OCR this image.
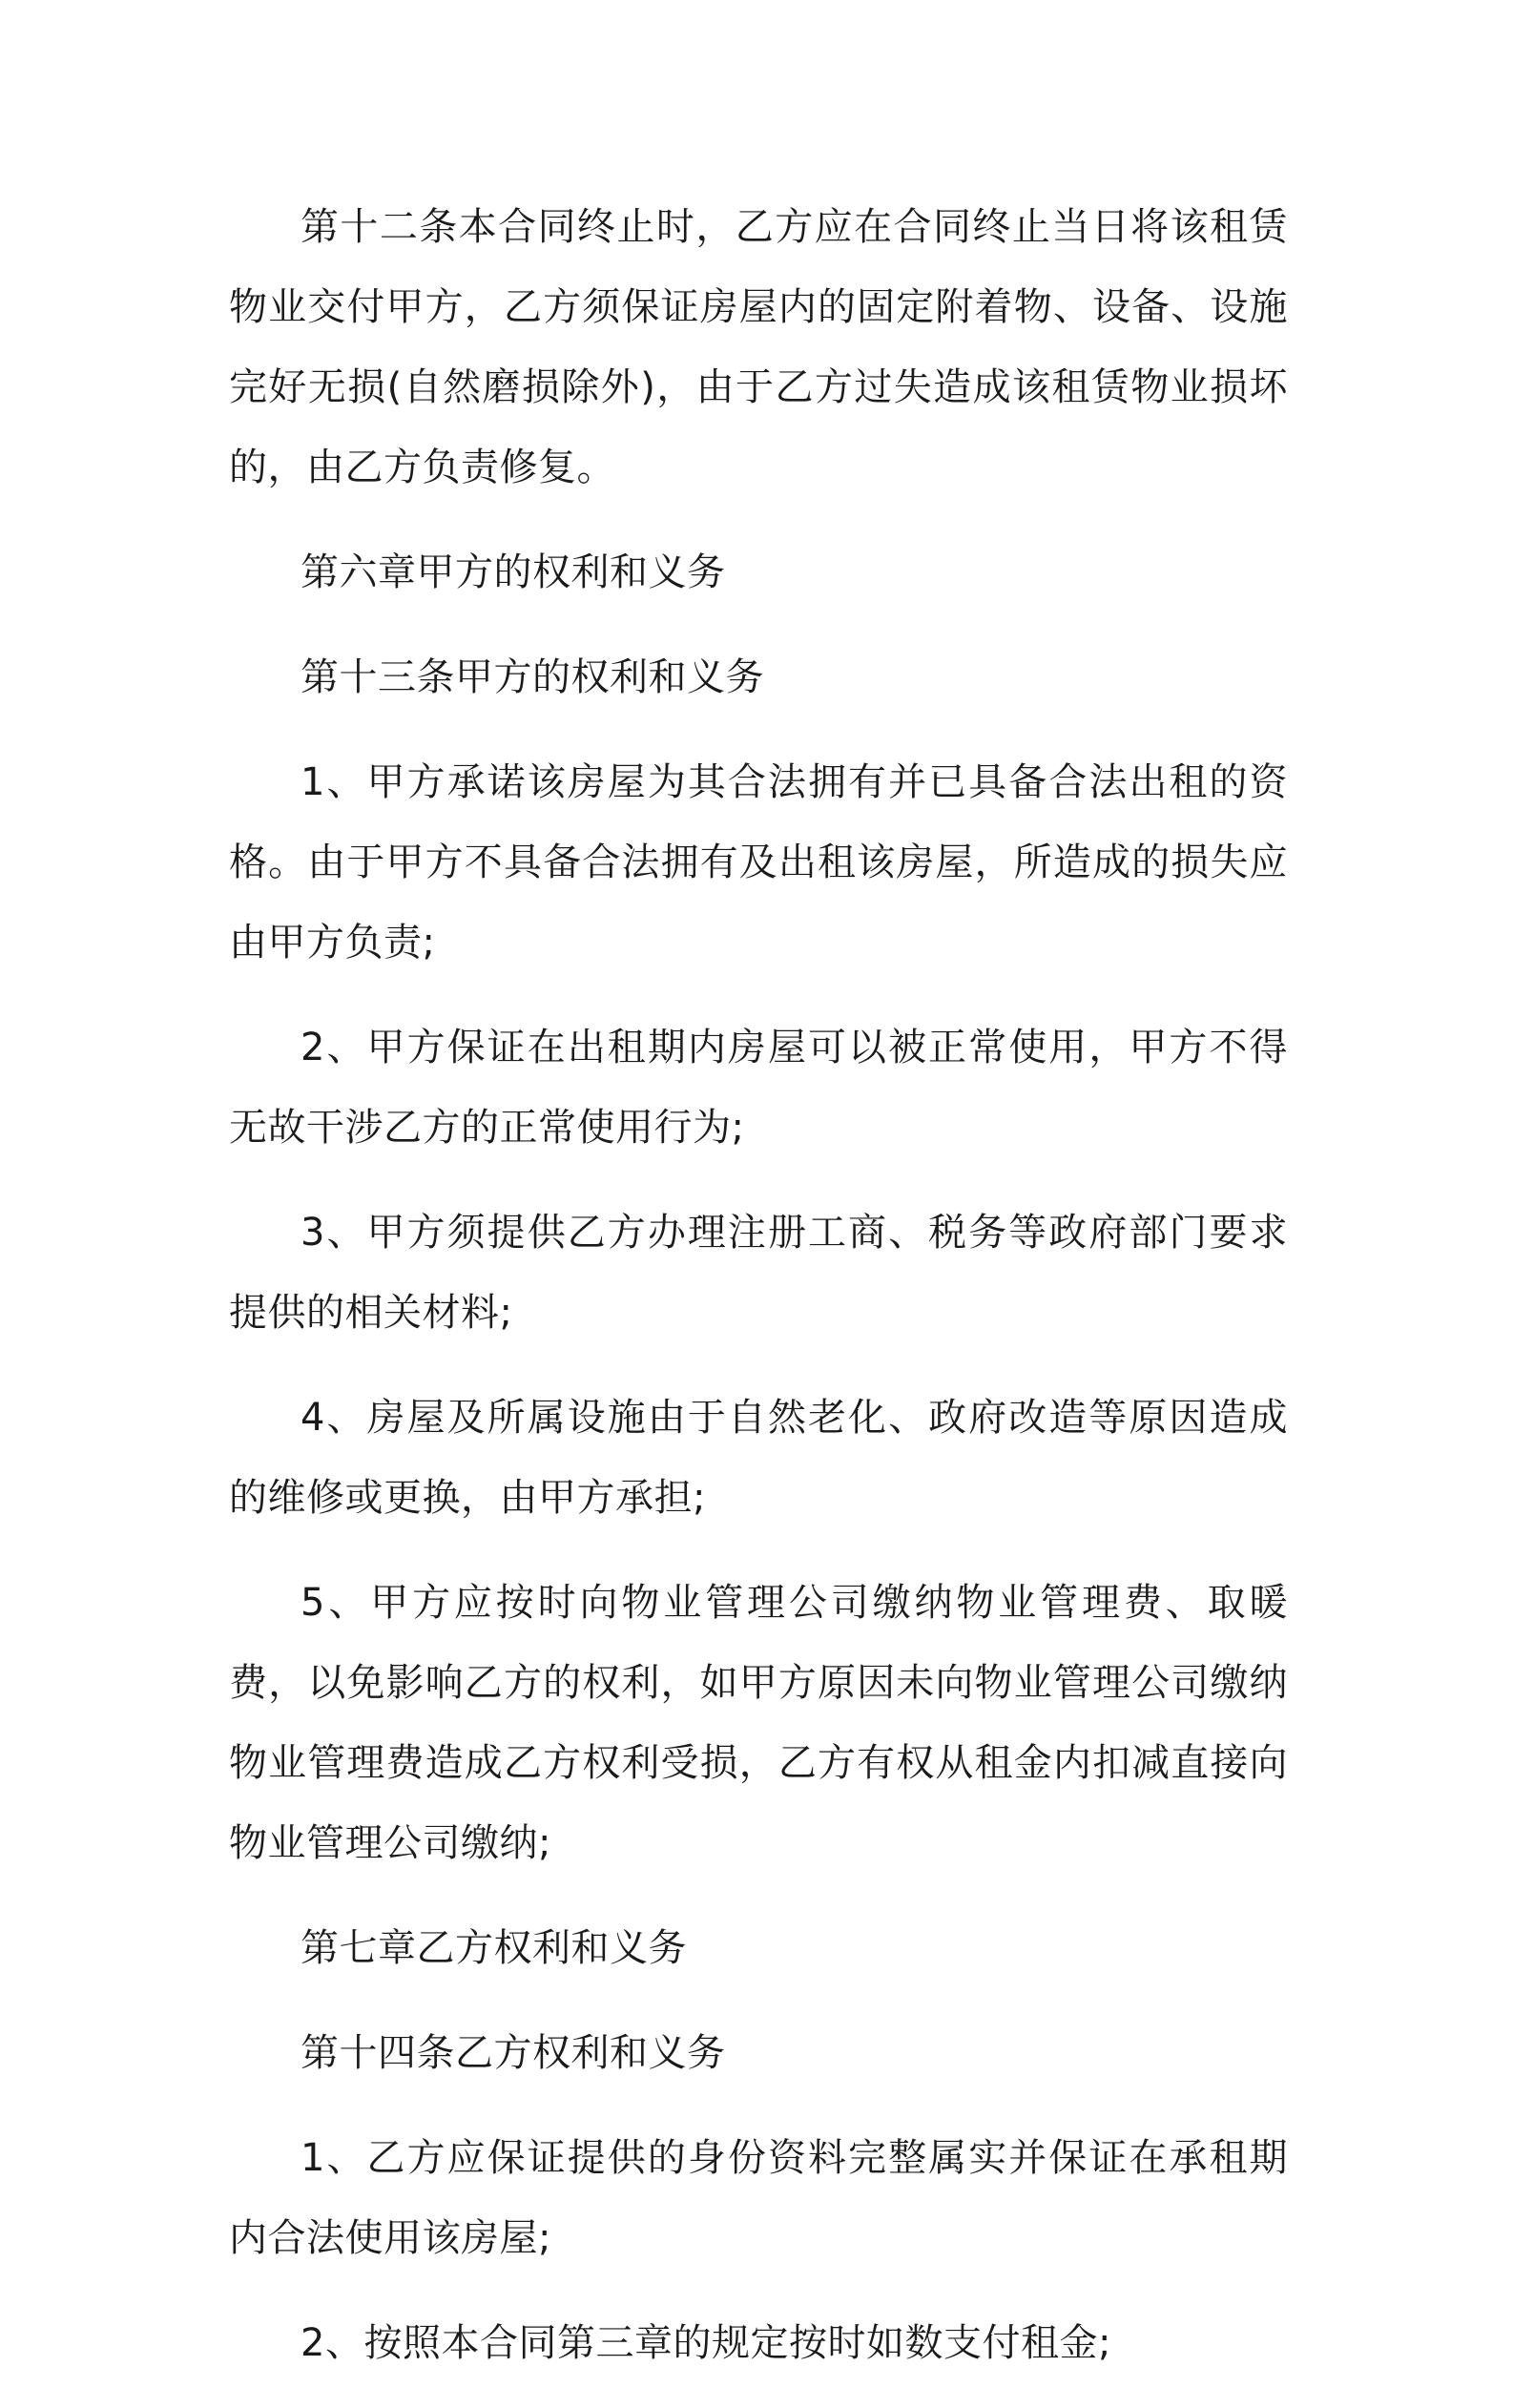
第十二条本合同终止时，乙方应在合同终止当日将该租赁物业交付甲方，乙方须保证房屋内的固定附着物、设备、设施完好无损(自然磨损除外)，由于乙方过失造成该租赁物业损坏的，由乙方负责修复。

第六章甲方的权利和义务

第十三条甲方的权利和义务

1、甲方承诺该房屋为其合法拥有并已具备合法出租的资格。由于甲方不具备合法拥有及出租该房屋，所造成的损失应由甲方负责;

2、甲方保证在出租期内房屋可以被正常使用，甲方不得无故干涉乙方的正常使用行为;

3、甲方须提供乙方办理注册工商、税务等政府部门要求提供的相关材料;

4、房屋及所属设施由于自然老化、政府改造等原因造成的维修或更换，由甲方承担;

5、甲方应按时向物业管理公司缴纳物业管理费、取暖费，以免影响乙方的权利，如甲方原因未向物业管理公司缴纳物业管理费造成乙方权利受损，乙方有权从租金内扣减直接向物业管理公司缴纳;

第七章乙方权利和义务

第十四条乙方权利和义务

1、乙方应保证提供的身份资料完整属实并保证在承租期内合法使用该房屋;

2、按照本合同第三章的规定按时如数支付租金;
